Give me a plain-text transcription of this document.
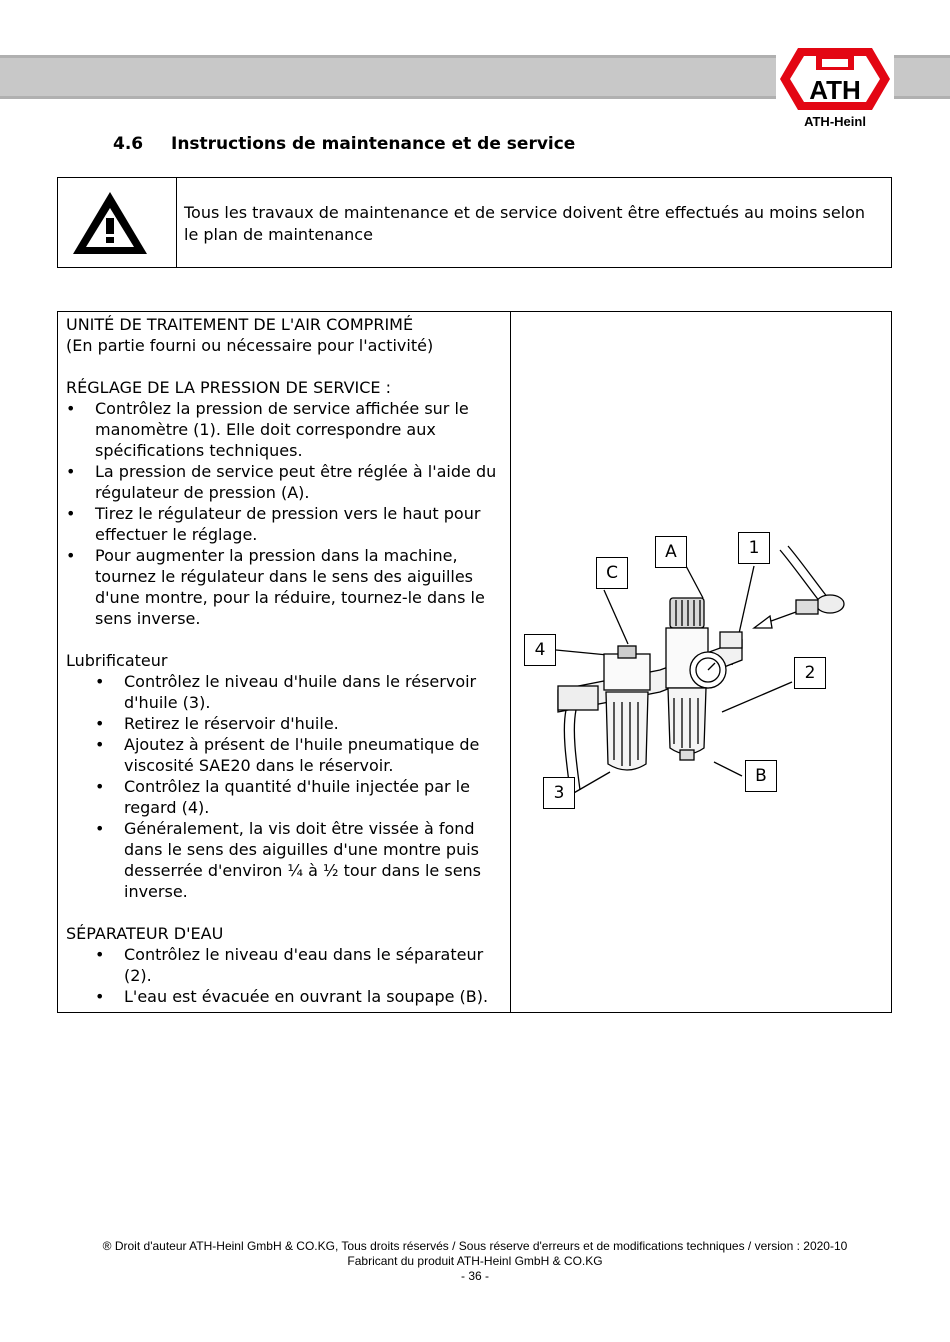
ATH
ATH-Heinl
4.6 Instructions de maintenance et de service
Tous les travaux de maintenance et de service doivent être effectués au moins selon le plan de maintenance

UNITÉ DE TRAITEMENT DE L'AIR COMPRIMÉ

(En partie fourni ou nécessaire pour l'activité)

RÉGLAGE DE LA PRESSION DE SERVICE :

• Contrôlez la pression de service affichée sur le manomètre (1). Elle doit correspondre aux spécifications techniques.
• La pression de service peut être réglée à l'aide du régulateur de pression (A).
• Tirez le régulateur de pression vers le haut pour effectuer le réglage.
• Pour augmenter la pression dans la machine, tournez le régulateur dans le sens des aiguilles d'une montre, pour la réduire, tournez-le dans le sens inverse.

Lubrificateur

• Contrôlez le niveau d'huile dans le réservoir d'huile (3).
• Retirez le réservoir d'huile.
• Ajoutez à présent de l'huile pneumatique de viscosité SAE20 dans le réservoir.
• Contrôlez la quantité d'huile injectée par le regard (4).
• Généralement, la vis doit être vissée à fond dans le sens des aiguilles d'une montre puis desserrée d'environ ¼ à ½ tour dans le sens inverse.

SÉPARATEUR D'EAU

• Contrôlez le niveau d'eau dans le séparateur (2).
• L'eau est évacuée en ouvrant la soupape (B).
A	1
C
4
2
3
B
® Droit d'auteur ATH-Heinl GmbH & CO.KG, Tous droits réservés / Sous réserve d'erreurs et de modifications techniques / version : 2020-10
Fabricant du produit ATH-Heinl GmbH & CO.KG
- 36 -
